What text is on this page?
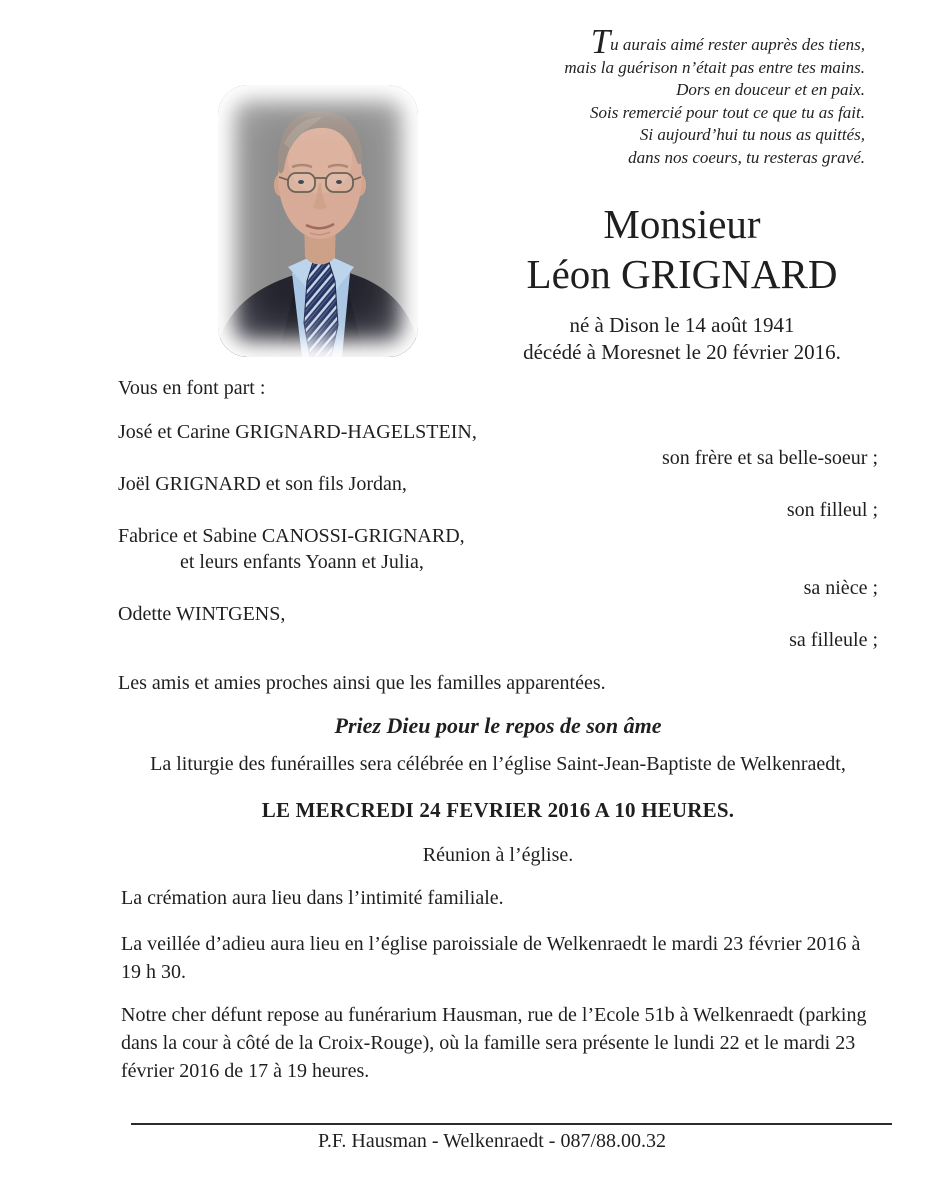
Tu aurais aimé rester auprès des tiens,
mais la guérison n’était pas entre tes mains.
Dors en douceur et en paix.
Sois remercié pour tout ce que tu as fait.
Si aujourd’hui tu nous as quittés,
dans nos coeurs, tu resteras gravé.
Monsieur
Léon GRIGNARD
né à Dison le 14 août 1941
décédé à Moresnet le 20 février 2016.
Vous en font part :
José et Carine GRIGNARD-HAGELSTEIN,
son frère et sa belle-soeur ;
Joël GRIGNARD et son fils Jordan,
son filleul ;
Fabrice et Sabine CANOSSI-GRIGNARD,
et leurs enfants Yoann et Julia,
sa nièce ;
Odette WINTGENS,
sa filleule ;
Les amis et amies proches ainsi que les familles apparentées.
Priez Dieu pour le repos de son âme
La liturgie des funérailles sera célébrée en l’église Saint-Jean-Baptiste de Welkenraedt,
LE MERCREDI 24 FEVRIER 2016 A 10 HEURES.
Réunion à l’église.
La crémation aura lieu dans l’intimité familiale.
La veillée d’adieu aura lieu en l’église paroissiale de Welkenraedt le mardi 23 février 2016 à 19 h 30.
Notre cher défunt repose au funérarium Hausman, rue de l’Ecole 51b à Welkenraedt (parking dans la cour à côté de la Croix-Rouge), où la famille sera présente le lundi 22 et le mardi 23 février 2016 de 17 à 19 heures.
P.F. Hausman - Welkenraedt - 087/88.00.32
